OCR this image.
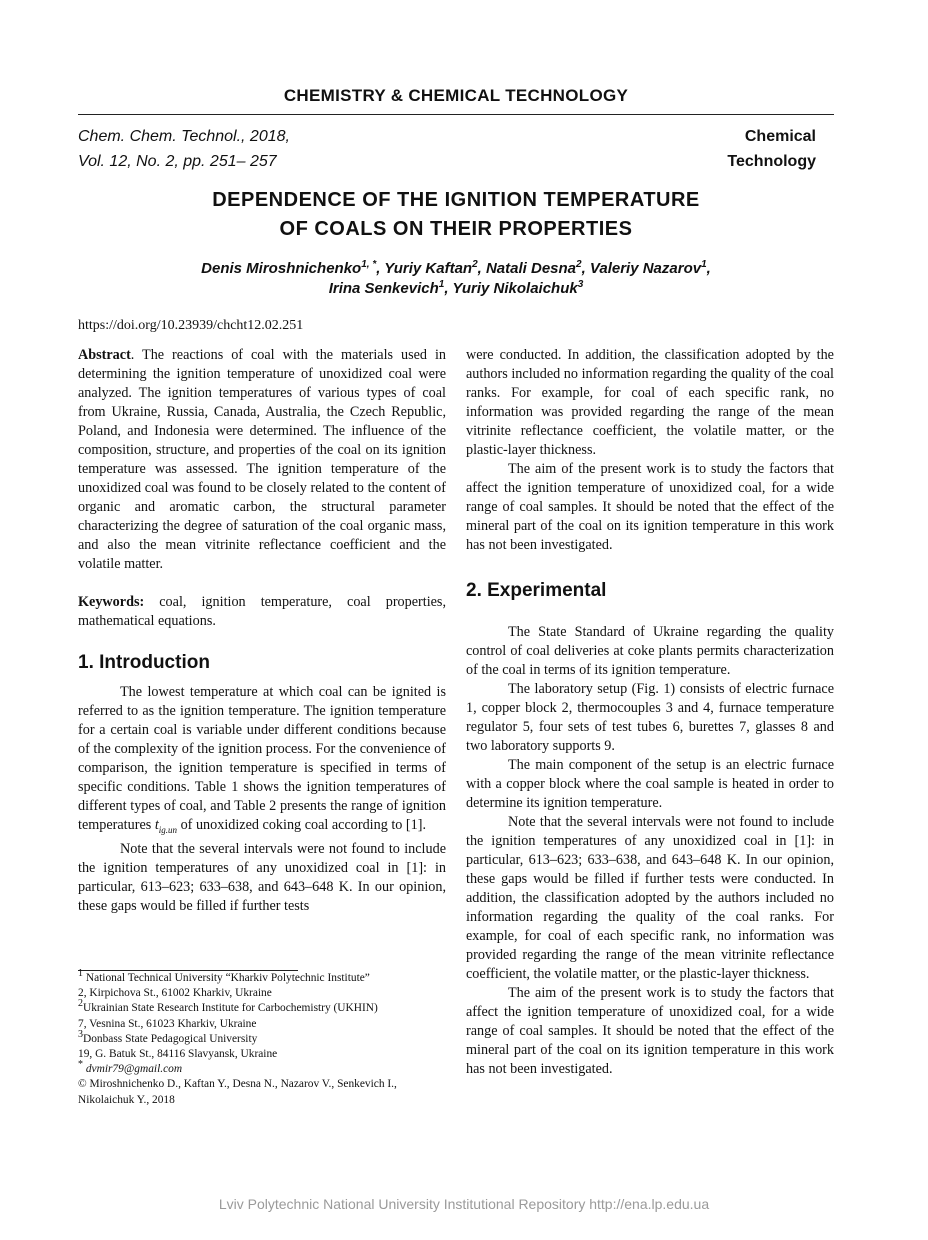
CHEMISTRY & CHEMICAL TECHNOLOGY
Chem. Chem. Technol., 2018,
Vol. 12, No. 2, pp. 251– 257
Chemical
Technology
DEPENDENCE OF THE IGNITION TEMPERATURE
OF COALS ON THEIR PROPERTIES
Denis Miroshnichenko$^{1, *}$, Yuriy Kaftan$^2$, Natali Desna$^2$, Valeriy Nazarov$^1$,
Irina Senkevich$^1$, Yuriy Nikolaichuk$^3$
https://doi.org/10.23939/chcht12.02.251

Abstract. The reactions of coal with the materials used in determining the ignition temperature of unoxidized coal were analyzed. The ignition temperatures of various types of coal from Ukraine, Russia, Canada, Australia, the Czech Republic, Poland, and Indonesia were determined. The influence of the composition, structure, and properties of the coal on its ignition temperature was assessed. The ignition temperature of the unoxidized coal was found to be closely related to the content of organic and aromatic carbon, the structural parameter characterizing the degree of saturation of the coal organic mass, and also the mean vitrinite reflectance coefficient and the volatile matter.

Keywords: coal, ignition temperature, coal properties, mathematical equations.

1. Introduction

The lowest temperature at which coal can be ignited is referred to as the ignition temperature. The ignition temperature for a certain coal is variable under different conditions because of the complexity of the ignition process. For the convenience of comparison, the ignition temperature is specified in terms of specific conditions. Table 1 shows the ignition temperatures of different types of coal, and Table 2 presents the range of ignition temperatures $t_{ig.un}$ of unoxidized coking coal according to [1].

Note that the several intervals were not found to include the ignition temperatures of any unoxidized coal in [1]: in particular, 613–623; 633–638, and 643–648 K. In our opinion, these gaps would be filled if further tests

$^1$ National Technical University “Kharkiv Polytechnic Institute”
2, Kirpichova St., 61002 Kharkiv, Ukraine
$^2$Ukrainian State Research Institute for Carbochemistry (UKHIN)
7, Vesnina St., 61023 Kharkiv, Ukraine
$^3$Donbass State Pedagogical University
19, G. Batuk St., 84116 Slavyansk, Ukraine
* dvmir79@gmail.com
© Miroshnichenko D., Kaftan Y., Desna N., Nazarov V., Senkevich I., Nikolaichuk Y., 2018

were conducted. In addition, the classification adopted by the authors included no information regarding the quality of the coal ranks. For example, for coal of each specific rank, no information was provided regarding the range of the mean vitrinite reflectance coefficient, the volatile matter, or the plastic-layer thickness.

The aim of the present work is to study the factors that affect the ignition temperature of unoxidized coal, for a wide range of coal samples. It should be noted that the effect of the mineral part of the coal on its ignition temperature in this work has not been investigated.

2. Experimental

The State Standard of Ukraine regarding the quality control of coal deliveries at coke plants permits characterization of the coal in terms of its ignition temperature.

The laboratory setup (Fig. 1) consists of electric furnace 1, copper block 2, thermocouples 3 and 4, furnace temperature regulator 5, four sets of test tubes 6, burettes 7, glasses 8 and two laboratory supports 9.

The main component of the setup is an electric furnace with a copper block where the coal sample is heated in order to determine its ignition temperature.

Note that the several intervals were not found to include the ignition temperatures of any unoxidized coal in [1]: in particular, 613–623; 633–638, and 643–648 K. In our opinion, these gaps would be filled if further tests were conducted. In addition, the classification adopted by the authors included no information regarding the quality of the coal ranks. For example, for coal of each specific rank, no information was provided regarding the range of the mean vitrinite reflectance coefficient, the volatile matter, or the plastic-layer thickness.

The aim of the present work is to study the factors that affect the ignition temperature of unoxidized coal, for a wide range of coal samples. It should be noted that the effect of the mineral part of the coal on its ignition temperature in this work has not been investigated.

Lviv Polytechnic National University Institutional Repository http://ena.lp.edu.ua
